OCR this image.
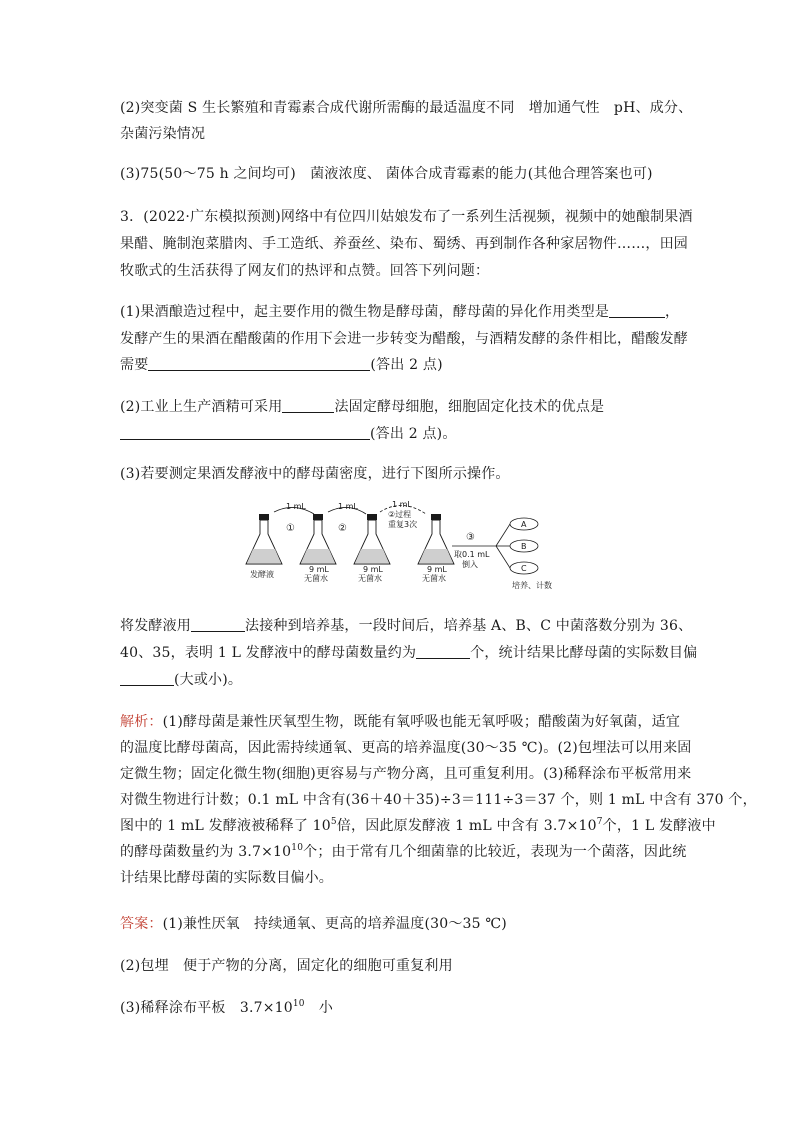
(2)突变菌 S 生长繁殖和青霉素合成代谢所需酶的最适温度不同　增加通气性　pH、成分、
杂菌污染情况
(3)75(50～75 h 之间均可)　菌液浓度、 菌体合成青霉素的能力(其他合理答案也可)
3．(2022·广东模拟预测)网络中有位四川姑娘发布了一系列生活视频，视频中的她酿制果酒
果醋、腌制泡菜腊肉、手工造纸、养蚕丝、染布、蜀绣、再到制作各种家居物件……，田园
牧歌式的生活获得了网友们的热评和点赞。回答下列问题：
(1)果酒酿造过程中，起主要作用的微生物是酵母菌，酵母菌的异化作用类型是	，
发酵产生的果酒在醋酸菌的作用下会进一步转变为醋酸，与酒精发酵的条件相比，醋酸发酵
需要	(答出 2 点)
(2)工业上生产酒精可采用	法固定酵母细胞，细胞固定化技术的优点是
(答出 2 点)。
(3)若要测定果酒发酵液中的酵母菌密度，进行下图所示操作。
发酵液
9 mL
无菌水
9 mL
无菌水
9 mL
无菌水
1 mL	1 mL	1 mL
①	②
②过程
重复3次
③
取0.1 mL
倒入
A
B
C
培养、计数
将发酵液用	法接种到培养基，一段时间后，培养基 A、B、C 中菌落数分别为 36、
40、35，表明 1 L 发酵液中的酵母菌数量约为	个，统计结果比酵母菌的实际数目偏
(大或小)。
解析：(1)酵母菌是兼性厌氧型生物，既能有氧呼吸也能无氧呼吸；醋酸菌为好氧菌，适宜
的温度比酵母菌高，因此需持续通氧、更高的培养温度(30～35 ℃)。(2)包埋法可以用来固
定微生物；固定化微生物(细胞)更容易与产物分离，且可重复利用。(3)稀释涂布平板常用来
对微生物进行计数；0.1 mL 中含有(36＋40＋35)÷3＝111÷3＝37 个，则 1 mL 中含有 370 个，
图中的 1 mL 发酵液被稀释了 $10^5$倍，因此原发酵液 1 mL 中含有 $3.7\times 10^7$个，1 L 发酵液中
的酵母菌数量约为 $3.7\times 10^{10}$个；由于常有几个细菌靠的比较近，表现为一个菌落，因此统
计结果比酵母菌的实际数目偏小。
答案：(1)兼性厌氧　持续通氧、更高的培养温度(30～35 ℃)
(2)包埋　便于产物的分离，固定化的细胞可重复利用
(3)稀释涂布平板　$3.7\times 10^{10}$　小
